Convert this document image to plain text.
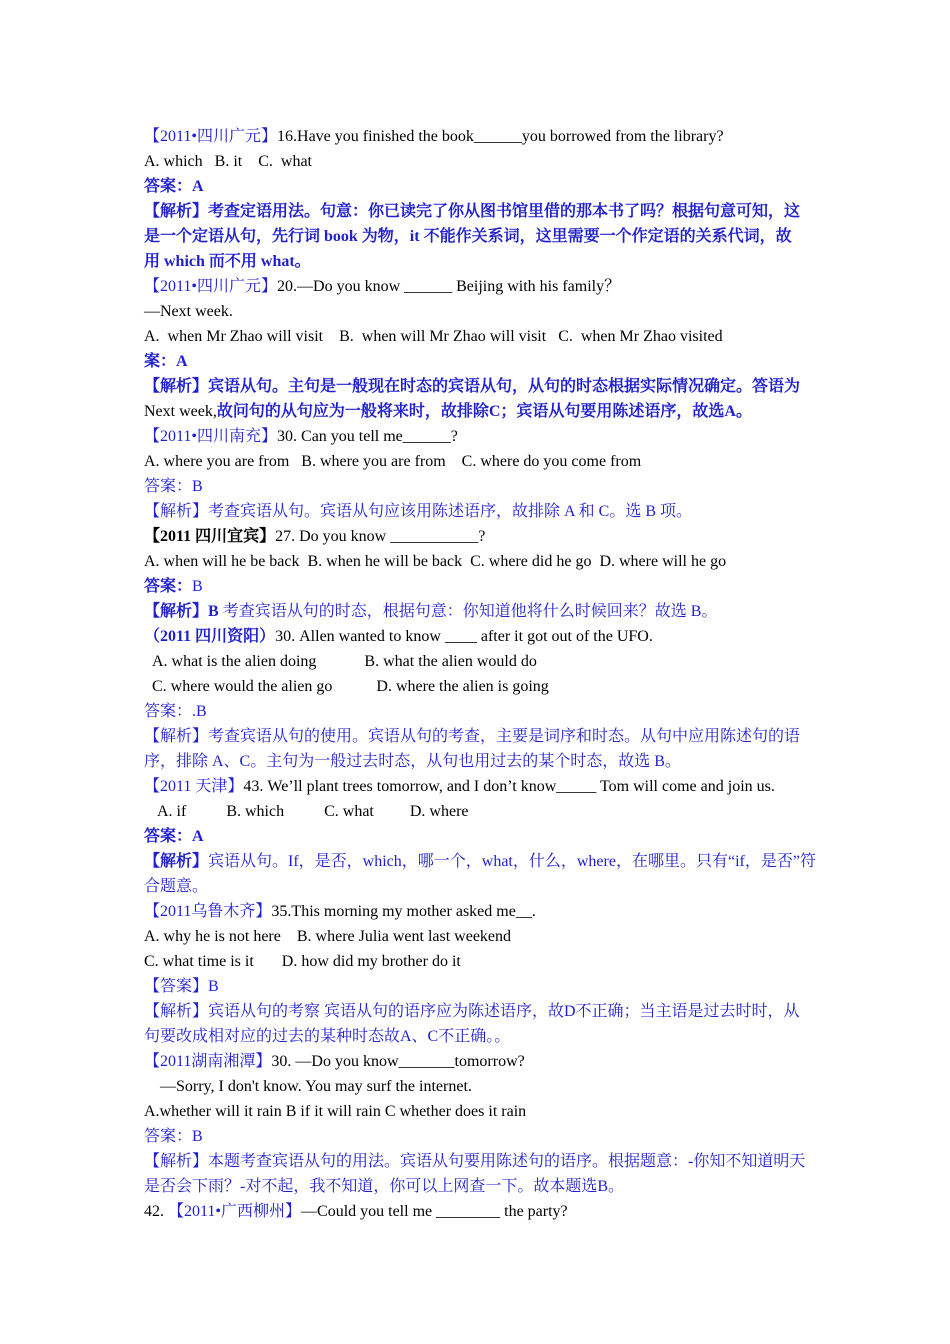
【2011•四川广元】16.Have you finished the book______you borrowed from the library?
A. which   B. it    C.  what
答案：A
【解析】考查定语用法。句意：你已读完了你从图书馆里借的那本书了吗？根据句意可知，这
是一个定语从句，先行词 book 为物，it 不能作关系词，这里需要一个作定语的关系代词，故
用 which 而不用 what。
【2011•四川广元】20.—Do you know ______ Beijing with his family？
—Next week.
A.  when Mr Zhao will visit    B.  when will Mr Zhao will visit   C.  when Mr Zhao visited
案：A
【解析】宾语从句。主句是一般现在时态的宾语从句，从句的时态根据实际情况确定。答语为
Next week,故问句的从句应为一般将来时，故排除C；宾语从句要用陈述语序，故选A。
【2011•四川南充】30. Can you tell me______?
A. where you are from   B. where you are from    C. where do you come from
答案：B
【解析】考查宾语从句。宾语从句应该用陈述语序，故排除 A 和 C。选 B 项。
【2011 四川宜宾】27. Do you know ___________?
A. when will he be back  B. when he will be back  C. where did he go  D. where will he go
答案：B
【解析】B 考查宾语从句的时态，根据句意：你知道他将什么时候回来？故选 B。
（2011 四川资阳）30. Allen wanted to know ____ after it got out of the UFO.
A. what is the alien doing            B. what the alien would do
C. where would the alien go           D. where the alien is going
答案：.B
【解析】考查宾语从句的使用。宾语从句的考查，主要是词序和时态。从句中应用陈述句的语
序，排除 A、C。主句为一般过去时态，从句也用过去的某个时态，故选 B。
【2011 天津】43. We’ll plant trees tomorrow, and I don’t know_____ Tom will come and join us.
A. if          B. which          C. what         D. where
答案：A
【解析】宾语从句。If，是否，which，哪一个，what，什么，where，在哪里。只有“if，是否”符
合题意。
【2011乌鲁木齐】35.This morning my mother asked me__.
A. why he is not here    B. where Julia went last weekend
C. what time is it       D. how did my brother do it
【答案】B
【解析】宾语从句的考察 宾语从句的语序应为陈述语序，故D不正确；当主语是过去时时，从
句要改成相对应的过去的某种时态故A、C不正确。。
【2011湖南湘潭】30. —Do you know_______tomorrow?
—Sorry, I don't know. You may surf the internet.
A.whether will it rain B if it will rain C whether does it rain
答案：B
【解析】本题考查宾语从句的用法。宾语从句要用陈述句的语序。根据题意：-你知不知道明天
是否会下雨？-对不起，我不知道，你可以上网查一下。故本题选B。
42. 【2011•广西柳州】—Could you tell me ________ the party?
